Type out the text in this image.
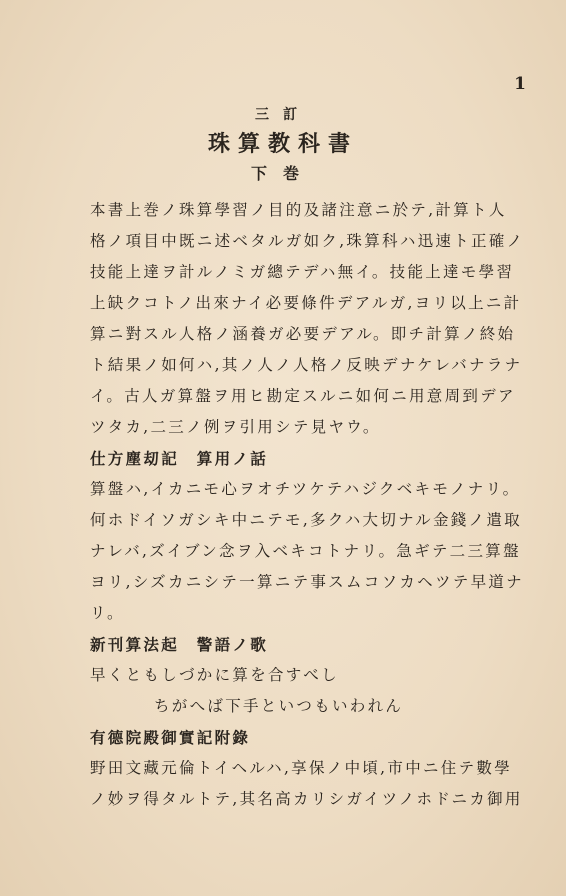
1
三訂
珠算教科書
下巻
本書上巻ノ珠算學習ノ目的及諸注意ニ於テ,計算ト人
格ノ項目中既ニ述ベタルガ如ク,珠算科ハ迅速ト正確ノ
技能上達ヲ計ルノミガ總テデハ無イ。技能上達モ學習
上缺クコトノ出來ナイ必要條件デアルガ,ヨリ以上ニ計
算ニ對スル人格ノ涵養ガ必要デアル。即チ計算ノ終始
ト結果ノ如何ハ,其ノ人ノ人格ノ反映デナケレバナラナ
イ。古人ガ算盤ヲ用ヒ勘定スルニ如何ニ用意周到デア
ツタカ,二三ノ例ヲ引用シテ見ヤウ。
仕方塵刧記　算用ノ話
算盤ハ,イカニモ心ヲオチツケテハジクベキモノナリ。
何ホドイソガシキ中ニテモ,多クハ大切ナル金錢ノ遣取
ナレバ,ズイブン念ヲ入ベキコトナリ。急ギテ二三算盤
ヨリ,シズカニシテ一算ニテ事スムコソカヘツテ早道ナ
リ。
新刊算法起　警語ノ歌
早くともしづかに算を合すべし
ちがへば下手といつもいわれん
有德院殿御實記附錄
野田文藏元倫トイヘルハ,享保ノ中頃,市中ニ住テ數學
ノ妙ヲ得タルトテ,其名高カリシガイツノホドニカ御用
